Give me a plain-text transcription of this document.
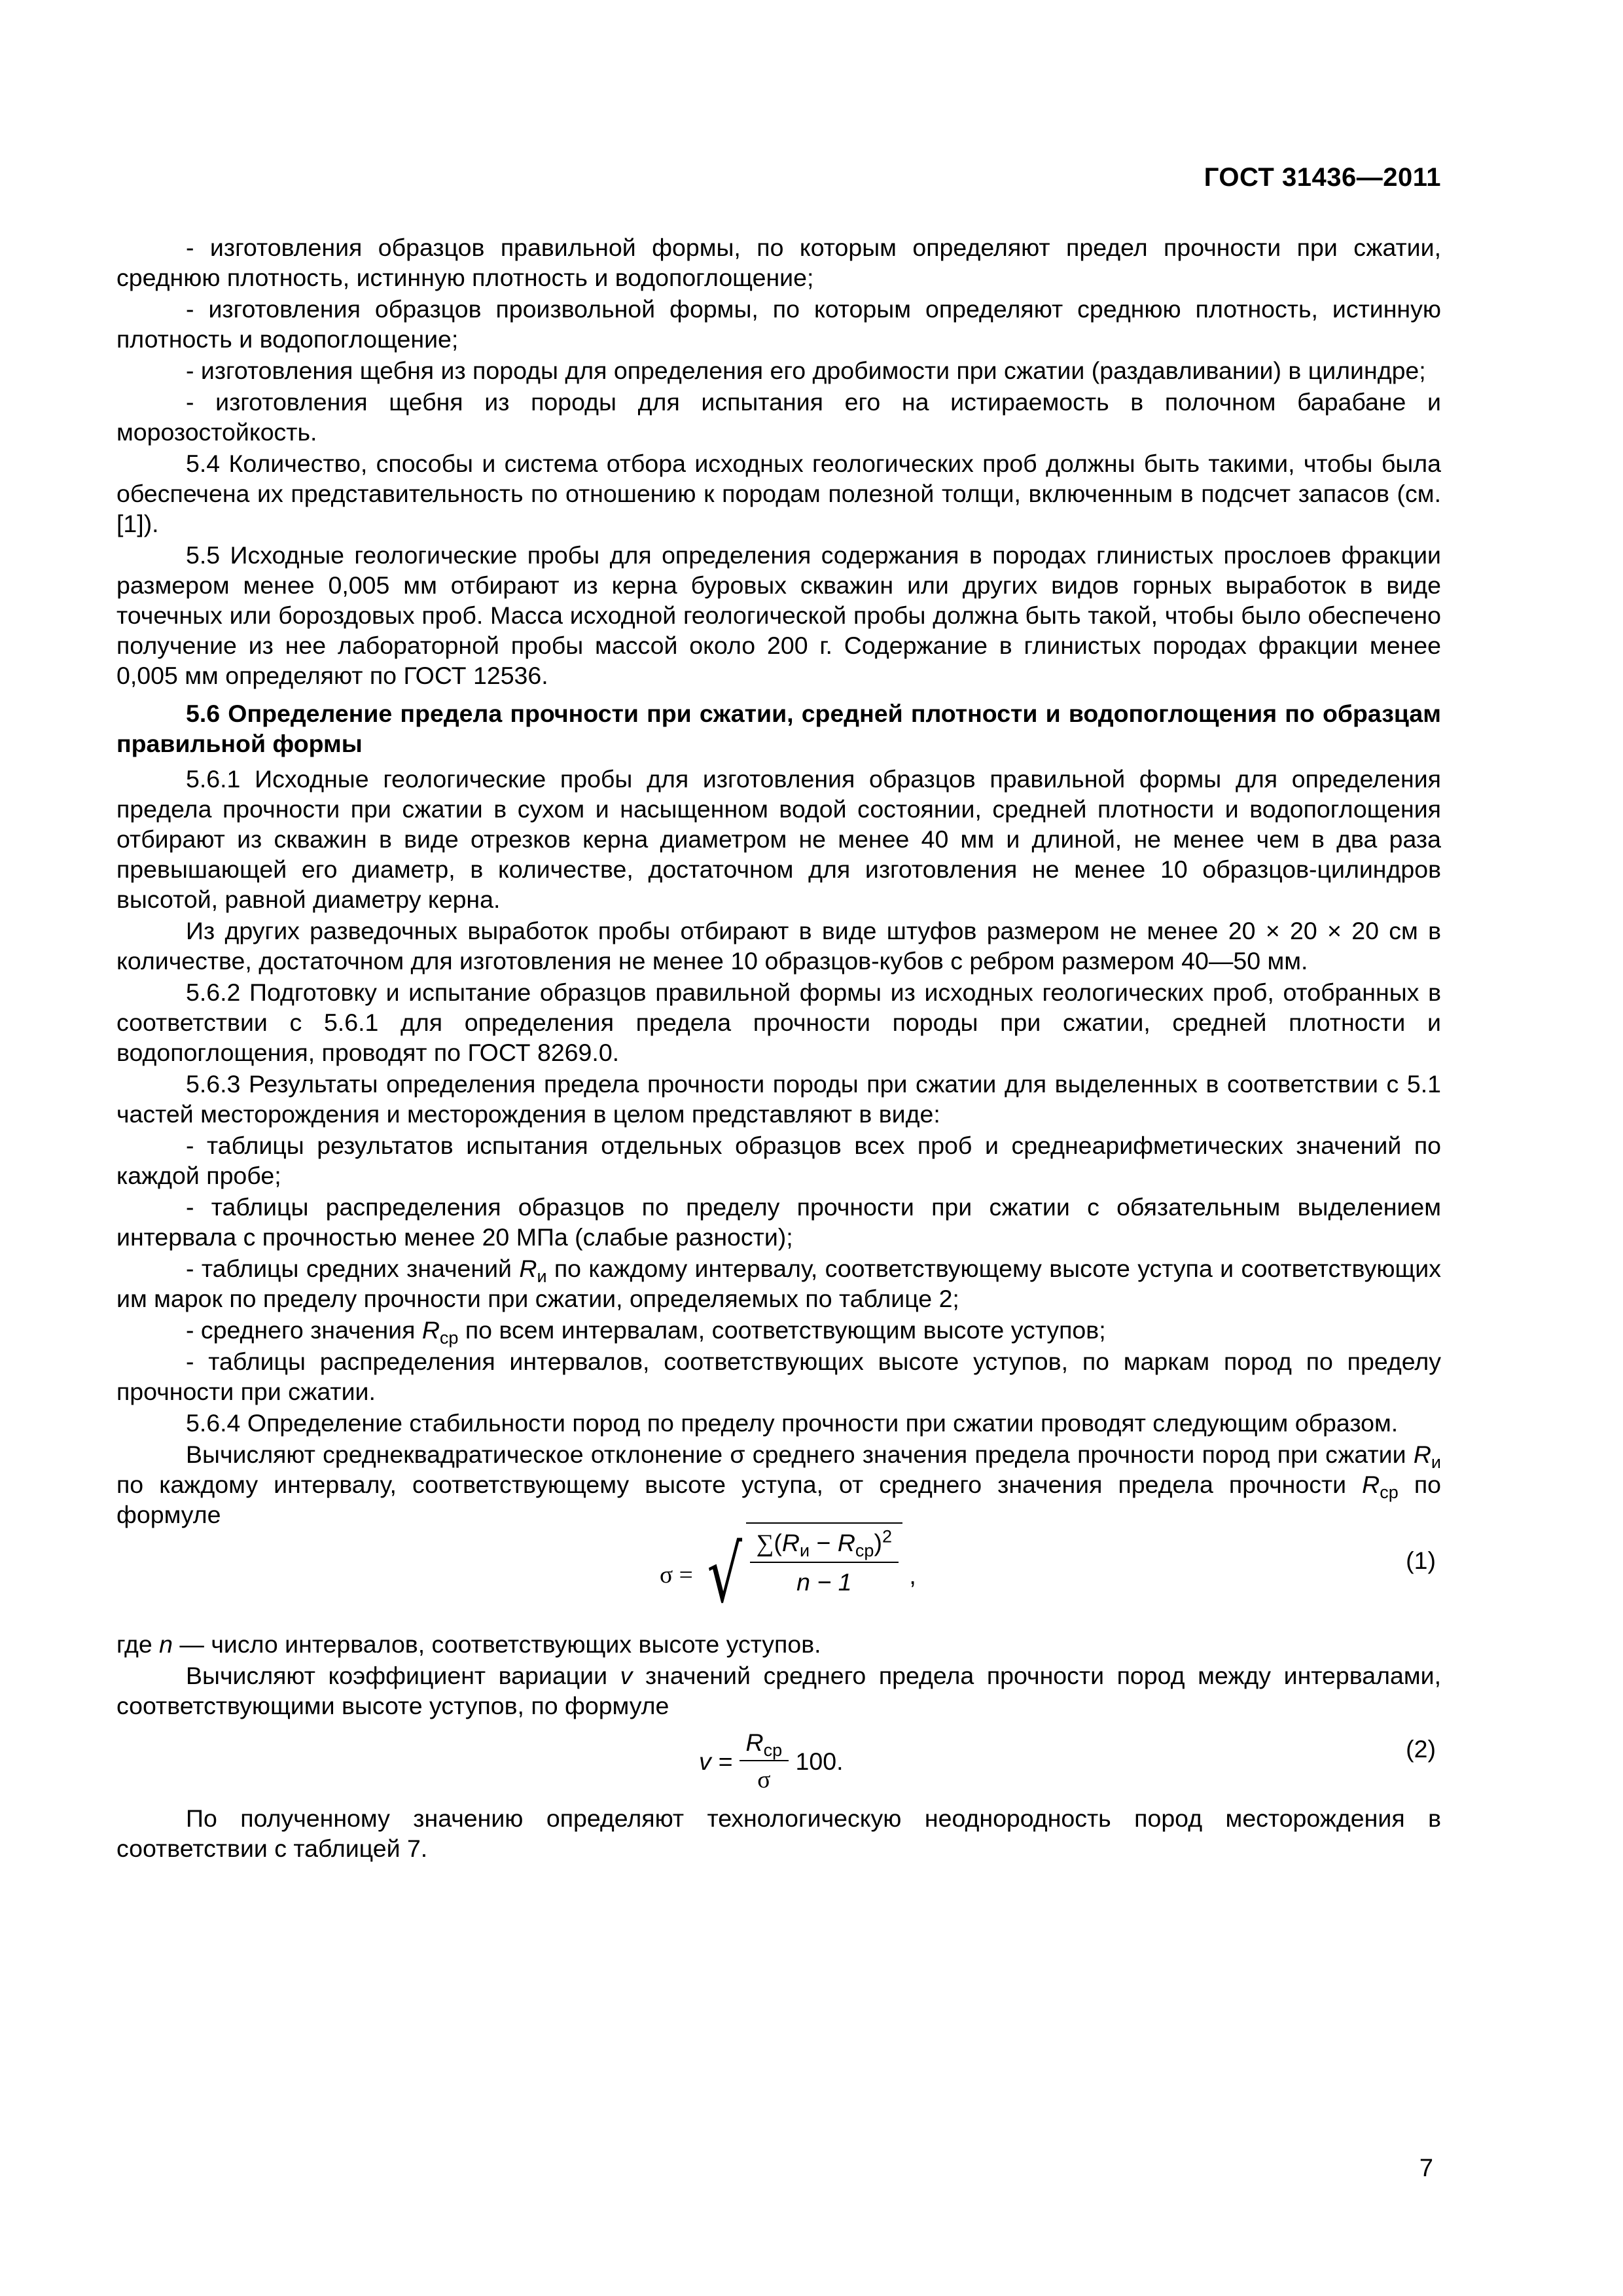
ГОСТ 31436—2011

- изготовления образцов правильной формы, по которым определяют предел прочности при сжатии, среднюю плотность, истинную плотность и водопоглощение;

- изготовления образцов произвольной формы, по которым определяют среднюю плотность, истинную плотность и водопоглощение;

- изготовления щебня из породы для определения его дробимости при сжатии (раздавливании) в цилиндре;

- изготовления щебня из породы для испытания его на истираемость в полочном барабане и морозостойкость.

5.4 Количество, способы и система отбора исходных геологических проб должны быть такими, чтобы была обеспечена их представительность по отношению к породам полезной толщи, включенным в подсчет запасов (см. [1]).

5.5 Исходные геологические пробы для определения содержания в породах глинистых прослоев фракции размером менее 0,005 мм отбирают из керна буровых скважин или других видов горных выработок в виде точечных или бороздовых проб. Масса исходной геологической пробы должна быть такой, чтобы было обеспечено получение из нее лабораторной пробы массой около 200 г. Содержание в глинистых породах фракции менее 0,005 мм определяют по ГОСТ 12536.

5.6 Определение предела прочности при сжатии, средней плотности и водопоглощения по образцам правильной формы

5.6.1 Исходные геологические пробы для изготовления образцов правильной формы для определения предела прочности при сжатии в сухом и насыщенном водой состоянии, средней плотности и водопоглощения отбирают из скважин в виде отрезков керна диаметром не менее 40 мм и длиной, не менее чем в два раза превышающей его диаметр, в количестве, достаточном для изготовления не менее 10 образцов-цилиндров высотой, равной диаметру керна.

Из других разведочных выработок пробы отбирают в виде штуфов размером не менее 20 × 20 × 20 см в количестве, достаточном для изготовления не менее 10 образцов-кубов с ребром размером 40—50 мм.

5.6.2 Подготовку и испытание образцов правильной формы из исходных геологических проб, отобранных в соответствии с 5.6.1 для определения предела прочности породы при сжатии, средней плотности и водопоглощения, проводят по ГОСТ 8269.0.

5.6.3 Результаты определения предела прочности породы при сжатии для выделенных в соответствии с 5.1 частей месторождения и месторождения в целом представляют в виде:

- таблицы результатов испытания отдельных образцов всех проб и среднеарифметических значений по каждой пробе;

- таблицы распределения образцов по пределу прочности при сжатии с обязательным выделением интервала с прочностью менее 20 МПа (слабые разности);

- таблицы средних значений $R_и$ по каждому интервалу, соответствующему высоте уступа и соответствующих им марок по пределу прочности при сжатии, определяемых по таблице 2;

- среднего значения $R_{ср}$ по всем интервалам, соответствующим высоте уступов;

- таблицы распределения интервалов, соответствующих высоте уступов, по маркам пород по пределу прочности при сжатии.

5.6.4 Определение стабильности пород по пределу прочности при сжатии проводят следующим образом.

Вычисляют среднеквадратическое отклонение σ среднего значения предела прочности пород при сжатии $R_и$ по каждому интервалу, соответствующему высоте уступа, от среднего значения предела прочности $R_{ср}$ по формуле

σ = √ $\frac{\sum(R_и - R_{ср})^2}{n - 1}$ ,
(1)

где n — число интервалов, соответствующих высоте уступов.

Вычисляют коэффициент вариации v значений среднего предела прочности пород между интервалами, соответствующими высоте уступов, по формуле

$v = \frac{R_{ср}}{\sigma} 100$.	(2)

По полученному значению определяют технологическую неоднородность пород месторождения в соответствии с таблицей 7.

7
